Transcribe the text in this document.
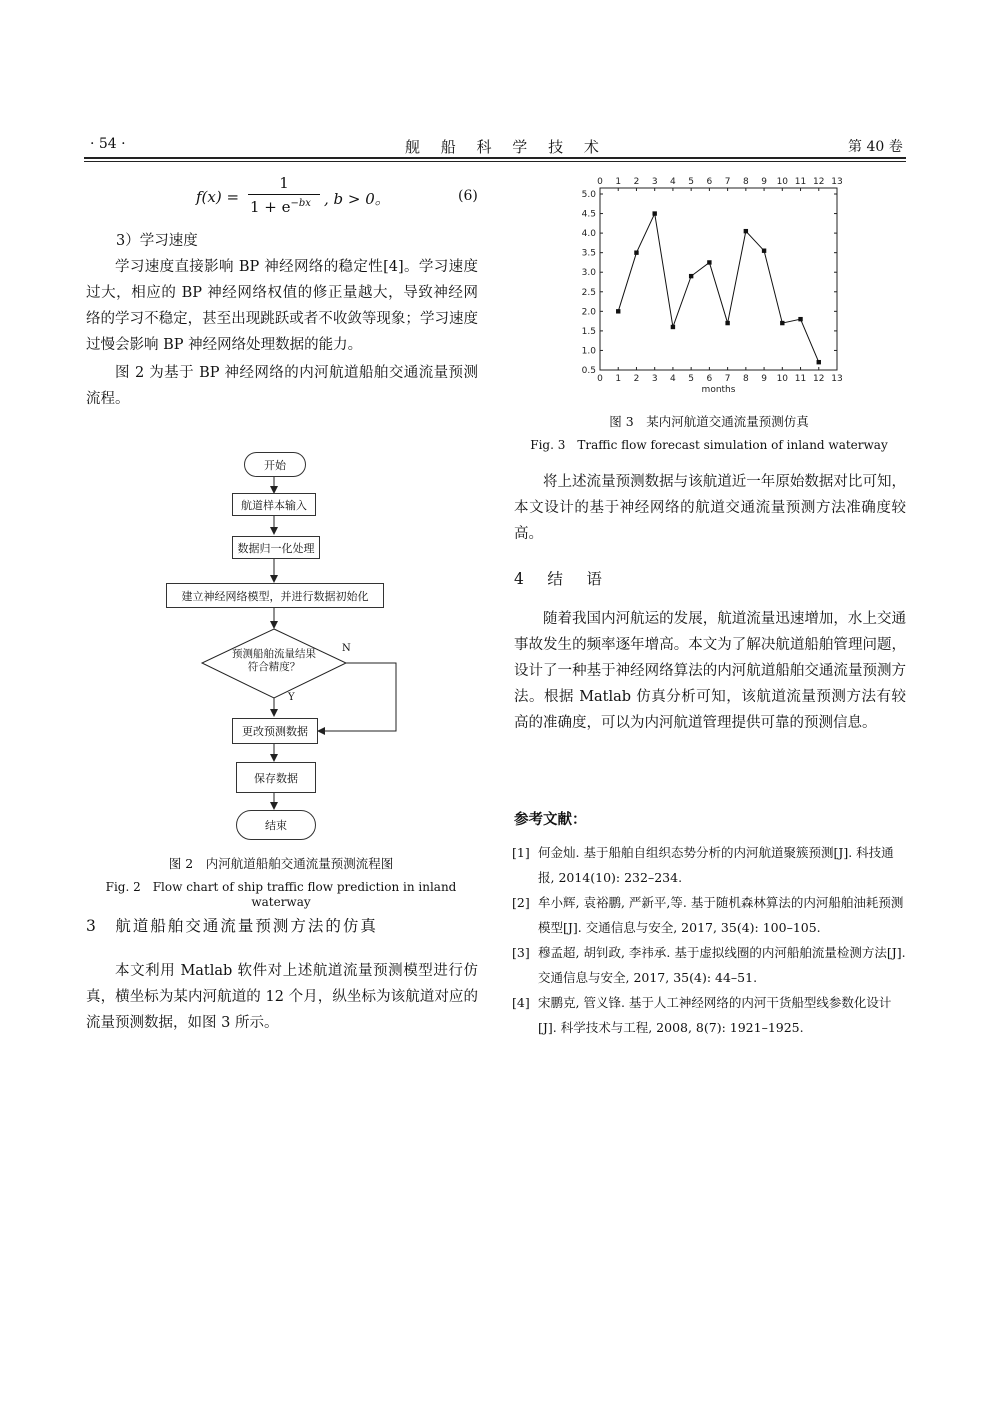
· 54 ·	舰 船 科 学 技 术	第 40 卷
f(x) =
1
$1 + e^{-bx}$ , b > 0。	(6)
3）学习速度

学习速度直接影响 BP 神经网络的稳定性[4]。学习速度过大，相应的 BP 神经网络权值的修正量越大，导致神经网络的学习不稳定，甚至出现跳跃或者不收敛等现象；学习速度过慢会影响 BP 神经网络处理数据的能力。

图 2 为基于 BP 神经网络的内河航道船舶交通流量预测流程。

开始
航道样本输入
数据归一化处理
建立神经网络模型，并进行数据初始化
预测船舶流量结果
符合精度？
N
Y
更改预测数据
保存数据
结束
图 2　内河航道船舶交通流量预测流程图
Fig. 2　Flow chart of ship traffic flow prediction in inland waterway
3　航道船舶交通流量预测方法的仿真

本文利用 Matlab 软件对上述航道流量预测模型进行仿真，横坐标为某内河航道的 12 个月，纵坐标为该航道对应的流量预测数据，如图 3 所示。

0
0
1
1
2
2
3
3
4
4
5
5
6
6
7
7
8
8
9
9
10
10
11
11
12
12
13
13
0.5
1.0
1.5
2.0
2.5
3.0
3.5
4.0
4.5
5.0
months
图 3　某内河航道交通流量预测仿真
Fig. 3　Traffic flow forecast simulation of inland waterway

将上述流量预测数据与该航道近一年原始数据对比可知，本文设计的基于神经网络的航道交通流量预测方法准确度较高。

4　结　语

随着我国内河航运的发展，航道流量迅速增加，水上交通事故发生的频率逐年增高。本文为了解决航道船舶管理问题，设计了一种基于神经网络算法的内河航道船舶交通流量预测方法。根据 Matlab 仿真分析可知，该航道流量预测方法有较高的准确度，可以为内河航道管理提供可靠的预测信息。

参考文献：
[1] 何金灿. 基于船舶自组织态势分析的内河航道聚簇预测[J]. 科技通报, 2014(10): 232–234.
[2] 牟小辉, 袁裕鹏, 严新平,等. 基于随机森林算法的内河船舶油耗预测模型[J]. 交通信息与安全, 2017, 35(4): 100–105.
[3] 穆孟超, 胡钊政, 李祎承. 基于虚拟线圈的内河船舶流量检测方法[J]. 交通信息与安全, 2017, 35(4): 44–51.
[4] 宋鹏克, 管义锋. 基于人工神经网络的内河干货船型线参数化设计[J]. 科学技术与工程, 2008, 8(7): 1921–1925.
